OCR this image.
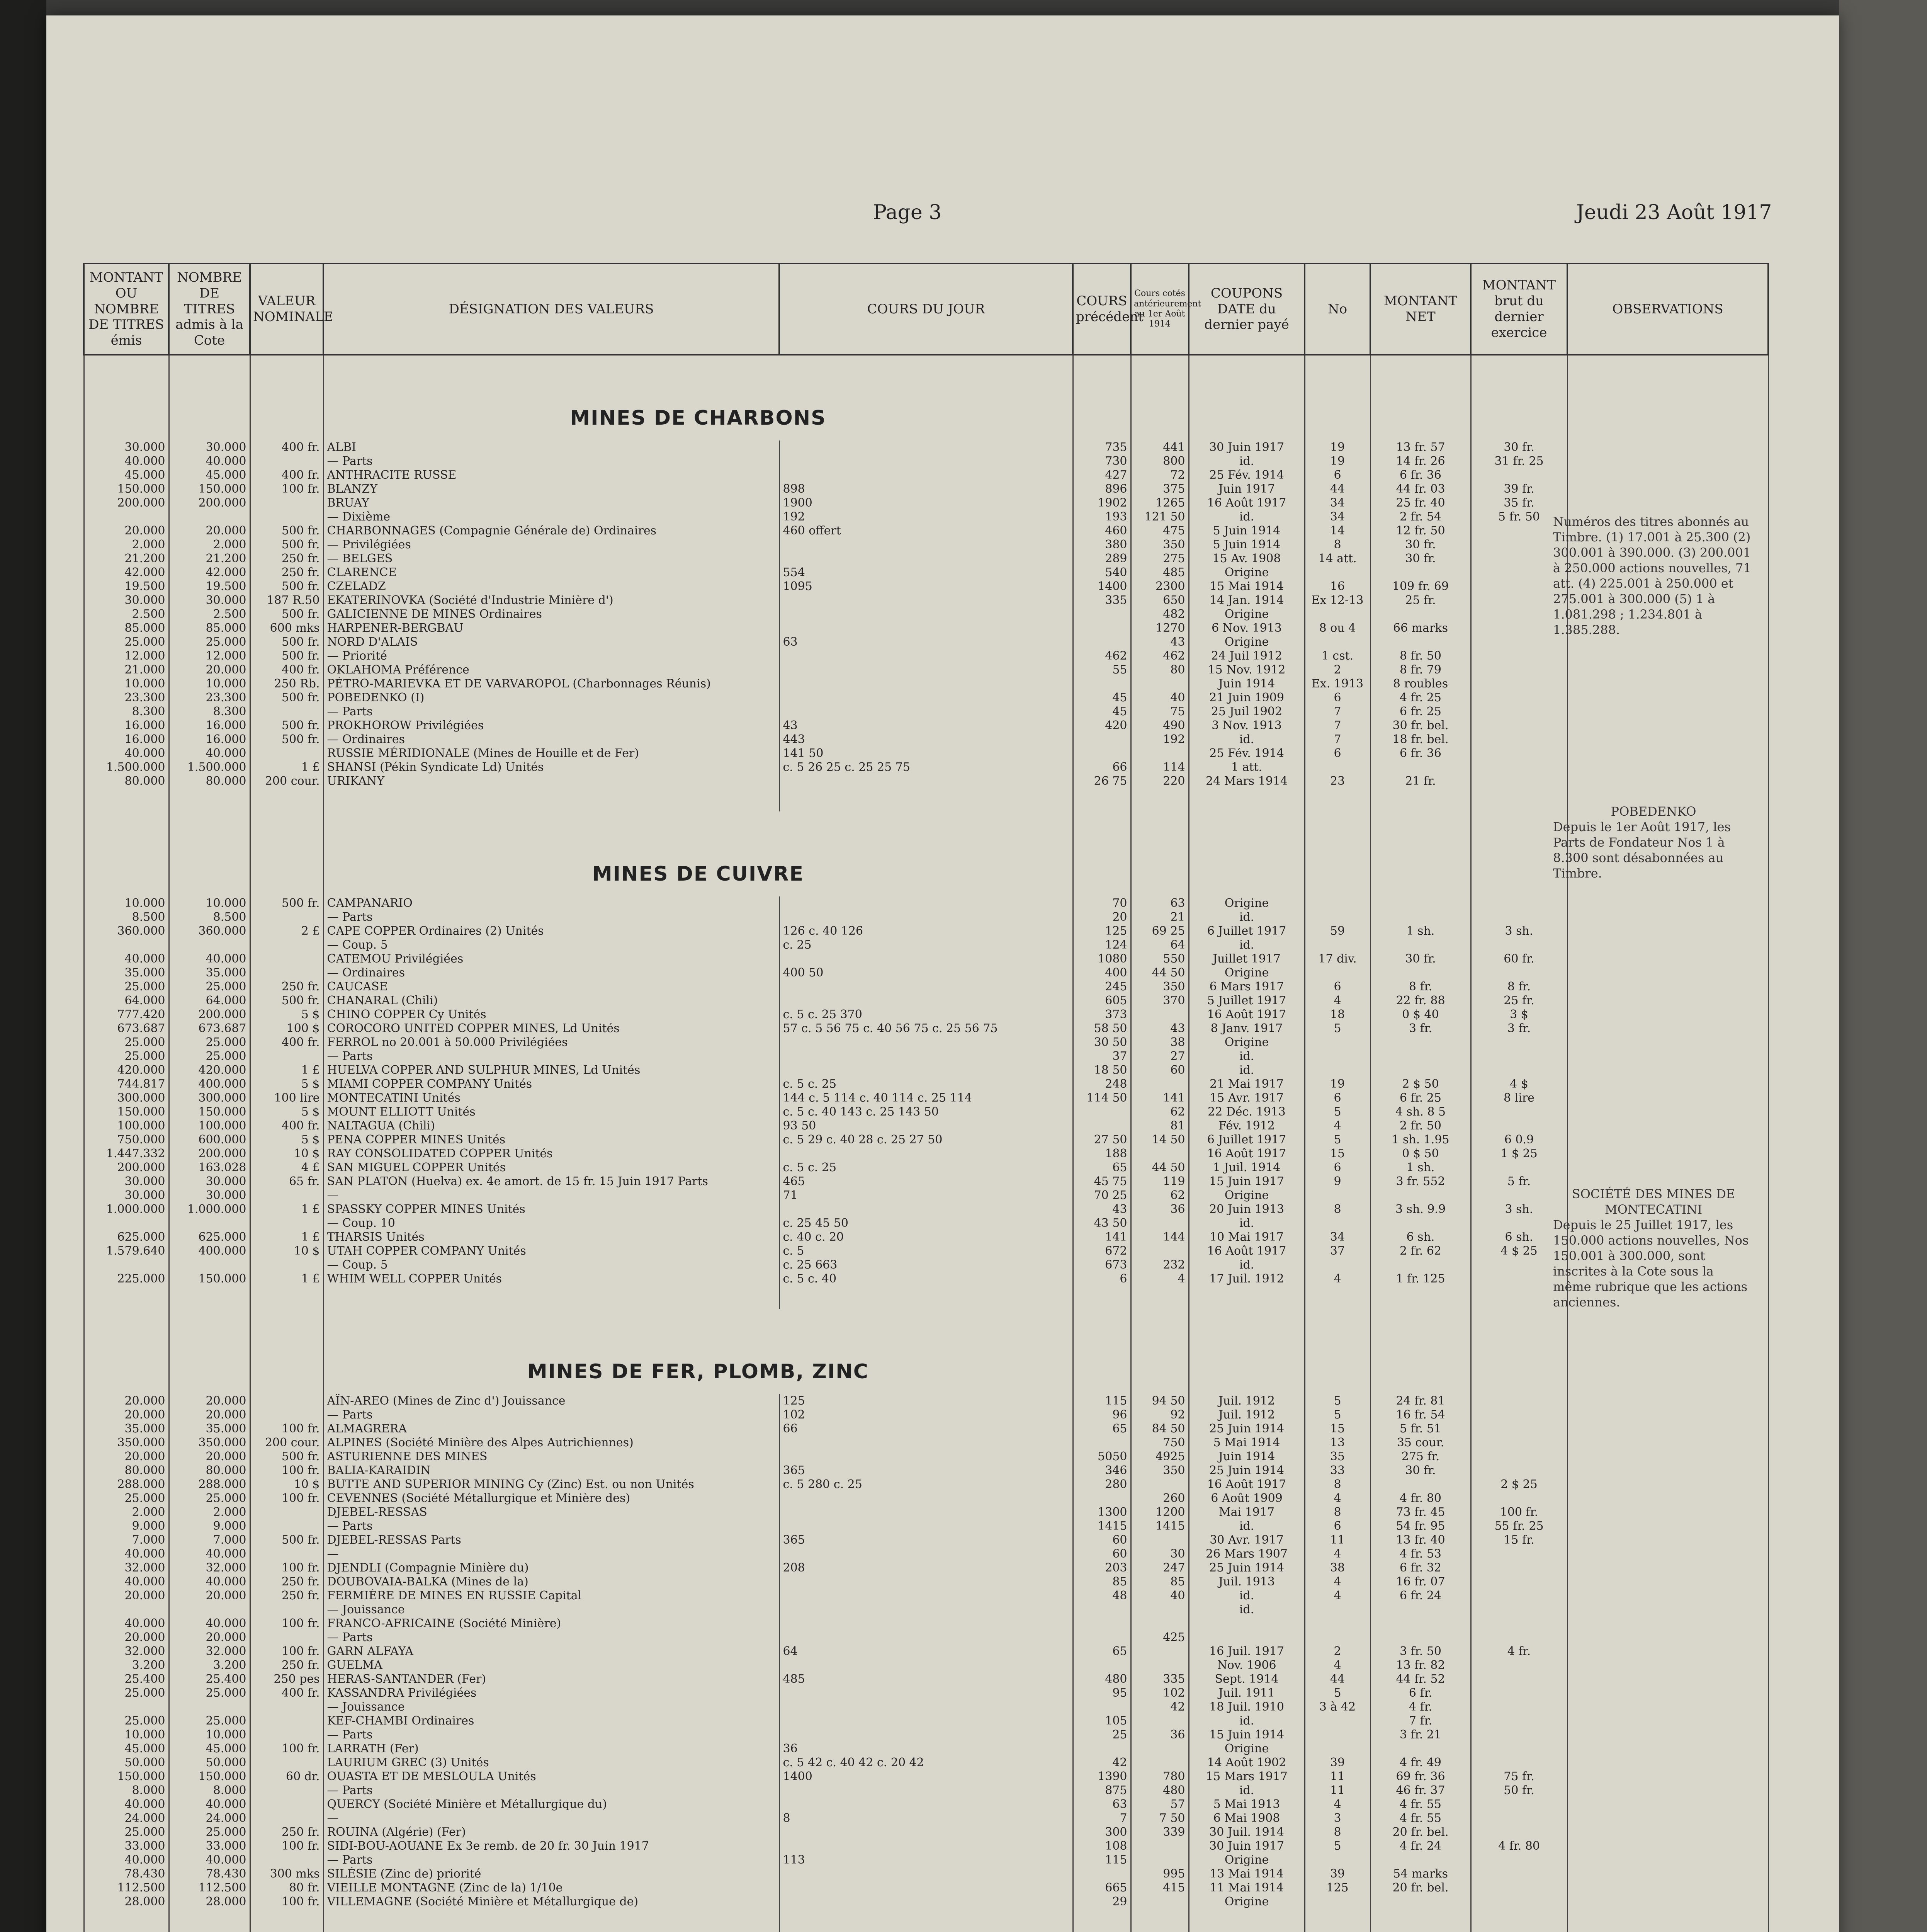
Page 3	Jeudi 23 Août 1917
MONTANT OU NOMBRE DE TITRES émis	NOMBRE DE TITRES admis à la Cote	VALEUR NOMINALE	DÉSIGNATION DES VALEURS	COURS DU JOUR	COURS précédent	Cours cotés antérieurement au 1er Août 1914	COUPONS
DATE du dernier payé	No	MONTANT NET	MONTANT brut du dernier exercice	OBSERVATIONS
			MINES DE CHARBONS								
30.000	30.000	400 fr.	ALBI		735	441	30 Juin 1917	19	13 fr. 57	30 fr.	
40.000	40.000		— Parts		730	800	id.	19	14 fr. 26	31 fr. 25	
45.000	45.000	400 fr.	ANTHRACITE RUSSE		427	72	25 Fév. 1914	6	6 fr. 36		
150.000	150.000	100 fr.	BLANZY	898	896	375	Juin 1917	44	44 fr. 03	39 fr.	
200.000	200.000		BRUAY	1900	1902	1265	16 Août 1917	34	25 fr. 40	35 fr.	
			— Dixième	192	193	121 50	id.	34	2 fr. 54	5 fr. 50	
20.000	20.000	500 fr.	CHARBONNAGES (Compagnie Générale de) Ordinaires	460 offert	460	475	5 Juin 1914	14	12 fr. 50		
2.000	2.000	500 fr.	— Privilégiées		380	350	5 Juin 1914	8	30 fr.		
21.200	21.200	250 fr.	— BELGES		289	275	15 Av. 1908	14 att.	30 fr.		
42.000	42.000	250 fr.	CLARENCE	554	540	485	Origine				
19.500	19.500	500 fr.	CZELADZ	1095	1400	2300	15 Mai 1914	16	109 fr. 69		
30.000	30.000	187 R.50	EKATERINOVKA (Société d'Industrie Minière d')		335	650	14 Jan. 1914	Ex 12-13	25 fr.		
2.500	2.500	500 fr.	GALICIENNE DE MINES Ordinaires			482	Origine				
85.000	85.000	600 mks	HARPENER-BERGBAU			1270	6 Nov. 1913	8 ou 4	66 marks		
25.000	25.000	500 fr.	NORD D'ALAIS	63		43	Origine				
12.000	12.000	500 fr.	— Priorité		462	462	24 Juil 1912	1 cst.	8 fr. 50		
21.000	20.000	400 fr.	OKLAHOMA Préférence		55	80	15 Nov. 1912	2	8 fr. 79		
10.000	10.000	250 Rb.	PÉTRO-MARIEVKA ET DE VARVAROPOL (Charbonnages Réunis)				Juin 1914	Ex. 1913	8 roubles		
23.300	23.300	500 fr.	POBEDENKO (I)		45	40	21 Juin 1909	6	4 fr. 25		
8.300	8.300		— Parts		45	75	25 Juil 1902	7	6 fr. 25		
16.000	16.000	500 fr.	PROKHOROW Privilégiées	43	420	490	3 Nov. 1913	7	30 fr. bel.		
16.000	16.000	500 fr.	— Ordinaires	443		192	id.	7	18 fr. bel.		
40.000	40.000		RUSSIE MÉRIDIONALE (Mines de Houille et de Fer)	141 50			25 Fév. 1914	6	6 fr. 36		
1.500.000	1.500.000	1 £	SHANSI (Pékin Syndicate Ld) Unités	c. 5 26 25 c. 25 25 75	66	114	1 att.				
80.000	80.000	200 cour.	URIKANY		26 75	220	24 Mars 1914	23	21 fr.		

			MINES DE CUIVRE								
10.000	10.000	500 fr.	CAMPANARIO		70	63	Origine				
8.500	8.500		— Parts		20	21	id.				
360.000	360.000	2 £	CAPE COPPER Ordinaires (2) Unités	126 c. 40 126	125	69 25	6 Juillet 1917	59	1 sh.	3 sh.	
			— Coup. 5	c. 25	124	64	id.				
40.000	40.000		CATEMOU Privilégiées		1080	550	Juillet 1917	17 div.	30 fr.	60 fr.	
35.000	35.000		— Ordinaires	400 50	400	44 50	Origine				
25.000	25.000	250 fr.	CAUCASE		245	350	6 Mars 1917	6	8 fr.	8 fr.	
64.000	64.000	500 fr.	CHANARAL (Chili)		605	370	5 Juillet 1917	4	22 fr. 88	25 fr.	
777.420	200.000	5 $	CHINO COPPER Cy Unités	c. 5 c. 25 370	373		16 Août 1917	18	0 $ 40	3 $	
673.687	673.687	100 $	COROCORO UNITED COPPER MINES, Ld Unités	57 c. 5 56 75 c. 40 56 75 c. 25 56 75	58 50	43	8 Janv. 1917	5	3 fr.	3 fr.	
25.000	25.000	400 fr.	FERROL no 20.001 à 50.000 Privilégiées		30 50	38	Origine				
25.000	25.000		— Parts		37	27	id.				
420.000	420.000	1 £	HUELVA COPPER AND SULPHUR MINES, Ld Unités		18 50	60	id.				
744.817	400.000	5 $	MIAMI COPPER COMPANY Unités	c. 5 c. 25	248		21 Mai 1917	19	2 $ 50	4 $	
300.000	300.000	100 lire	MONTECATINI Unités	144 c. 5 114 c. 40 114 c. 25 114	114 50	141	15 Avr. 1917	6	6 fr. 25	8 lire	
150.000	150.000	5 $	MOUNT ELLIOTT Unités	c. 5 c. 40 143 c. 25 143 50		62	22 Déc. 1913	5	4 sh. 8 5		
100.000	100.000	400 fr.	NALTAGUA (Chili)	93 50		81	Fév. 1912	4	2 fr. 50		
750.000	600.000	5 $	PENA COPPER MINES Unités	c. 5 29 c. 40 28 c. 25 27 50	27 50	14 50	6 Juillet 1917	5	1 sh. 1.95	6 0.9	
1.447.332	200.000	10 $	RAY CONSOLIDATED COPPER Unités		188		16 Août 1917	15	0 $ 50	1 $ 25	
200.000	163.028	4 £	SAN MIGUEL COPPER Unités	c. 5 c. 25	65	44 50	1 Juil. 1914	6	1 sh.		
30.000	30.000	65 fr.	SAN PLATON (Huelva) ex. 4e amort. de 15 fr. 15 Juin 1917 Parts	465	45 75	119	15 Juin 1917	9	3 fr. 552	5 fr.	
30.000	30.000		—	71	70 25	62	Origine				
1.000.000	1.000.000	1 £	SPASSKY COPPER MINES Unités		43	36	20 Juin 1913	8	3 sh. 9.9	3 sh.	
			— Coup. 10	c. 25 45 50	43 50		id.				
625.000	625.000	1 £	THARSIS Unités	c. 40 c. 20	141	144	10 Mai 1917	34	6 sh.	6 sh.	
1.579.640	400.000	10 $	UTAH COPPER COMPANY Unités	c. 5	672		16 Août 1917	37	2 fr. 62	4 $ 25	
			— Coup. 5	c. 25 663	673	232	id.				
225.000	150.000	1 £	WHIM WELL COPPER Unités	c. 5 c. 40	6	4	17 Juil. 1912	4	1 fr. 125		

			MINES DE FER, PLOMB, ZINC								
20.000	20.000		AÏN-AREO (Mines de Zinc d') Jouissance	125	115	94 50	Juil. 1912	5	24 fr. 81		
20.000	20.000		— Parts	102	96	92	Juil. 1912	5	16 fr. 54		
35.000	35.000	100 fr.	ALMAGRERA	66	65	84 50	25 Juin 1914	15	5 fr. 51		
350.000	350.000	200 cour.	ALPINES (Société Minière des Alpes Autrichiennes)			750	5 Mai 1914	13	35 cour.		
20.000	20.000	500 fr.	ASTURIENNE DES MINES		5050	4925	Juin 1914	35	275 fr.		
80.000	80.000	100 fr.	BALIA-KARAIDIN	365	346	350	25 Juin 1914	33	30 fr.		
288.000	288.000	10 $	BUTTE AND SUPERIOR MINING Cy (Zinc) Est. ou non Unités	c. 5 280 c. 25	280		16 Août 1917	8		2 $ 25	
25.000	25.000	100 fr.	CEVENNES (Société Métallurgique et Minière des)			260	6 Août 1909	4	4 fr. 80		
2.000	2.000		DJEBEL-RESSAS		1300	1200	Mai 1917	8	73 fr. 45	100 fr.	
9.000	9.000		— Parts		1415	1415	id.	6	54 fr. 95	55 fr. 25	
7.000	7.000	500 fr.	DJEBEL-RESSAS Parts	365	60		30 Avr. 1917	11	13 fr. 40	15 fr.	
40.000	40.000		—		60	30	26 Mars 1907	4	4 fr. 53		
32.000	32.000	100 fr.	DJENDLI (Compagnie Minière du)	208	203	247	25 Juin 1914	38	6 fr. 32		
40.000	40.000	250 fr.	DOUBOVAIA-BALKA (Mines de la)		85	85	Juil. 1913	4	16 fr. 07		
20.000	20.000	250 fr.	FERMIÈRE DE MINES EN RUSSIE Capital		48	40	id.	4	6 fr. 24		
			— Jouissance				id.				
40.000	40.000	100 fr.	FRANCO-AFRICAINE (Société Minière)								
20.000	20.000		— Parts			425					
32.000	32.000	100 fr.	GARN ALFAYA	64	65		16 Juil. 1917	2	3 fr. 50	4 fr.	
3.200	3.200	250 fr.	GUELMA				Nov. 1906	4	13 fr. 82		
25.400	25.400	250 pes	HERAS-SANTANDER (Fer)	485	480	335	Sept. 1914	44	44 fr. 52		
25.000	25.000	400 fr.	KASSANDRA Privilégiées		95	102	Juil. 1911	5	6 fr.		
			— Jouissance			42	18 Juil. 1910	3 à 42	4 fr.		
25.000	25.000		KEF-CHAMBI Ordinaires		105		id.		7 fr.		
10.000	10.000		— Parts		25	36	15 Juin 1914		3 fr. 21		
45.000	45.000	100 fr.	LARRATH (Fer)	36			Origine				
50.000	50.000		LAURIUM GREC (3) Unités	c. 5 42 c. 40 42 c. 20 42	42		14 Août 1902	39	4 fr. 49		
150.000	150.000	60 dr.	OUASTA ET DE MESLOULA Unités	1400	1390	780	15 Mars 1917	11	69 fr. 36	75 fr.	
8.000	8.000		— Parts		875	480	id.	11	46 fr. 37	50 fr.	
40.000	40.000		QUERCY (Société Minière et Métallurgique du)		63	57	5 Mai 1913	4	4 fr. 55		
24.000	24.000		—	8	7	7 50	6 Mai 1908	3	4 fr. 55		
25.000	25.000	250 fr.	ROUINA (Algérie) (Fer)		300	339	30 Juil. 1914	8	20 fr. bel.		
33.000	33.000	100 fr.	SIDI-BOU-AOUANE Ex 3e remb. de 20 fr. 30 Juin 1917		108		30 Juin 1917	5	4 fr. 24	4 fr. 80	
40.000	40.000		— Parts	113	115		Origine				
78.430	78.430	300 mks	SILÉSIE (Zinc de) priorité			995	13 Mai 1914	39	54 marks		
112.500	112.500	80 fr.	VIEILLE MONTAGNE (Zinc de la) 1/10e		665	415	11 Mai 1914	125	20 fr. bel.		
28.000	28.000	100 fr.	VILLEMAGNE (Société Minière et Métallurgique de)		29		Origine				

Numéros des titres abonnés au Timbre. (1) 17.001 à 25.300 (2) 300.001 à 390.000. (3) 200.001 à 250.000 actions nouvelles, 71 att. (4) 225.001 à 250.000 et 275.001 à 300.000 (5) 1 à 1.081.298 ; 1.234.801 à 1.385.288.
POBEDENKO
Depuis le 1er Août 1917, les Parts de Fondateur Nos 1 à 8.300 sont désabonnées au Timbre.
SOCIÉTÉ DES MINES DE MONTECATINI
Depuis le 25 Juillet 1917, les 150.000 actions nouvelles, Nos 150.001 à 300.000, sont inscrites à la Cote sous la même rubrique que les actions anciennes.
